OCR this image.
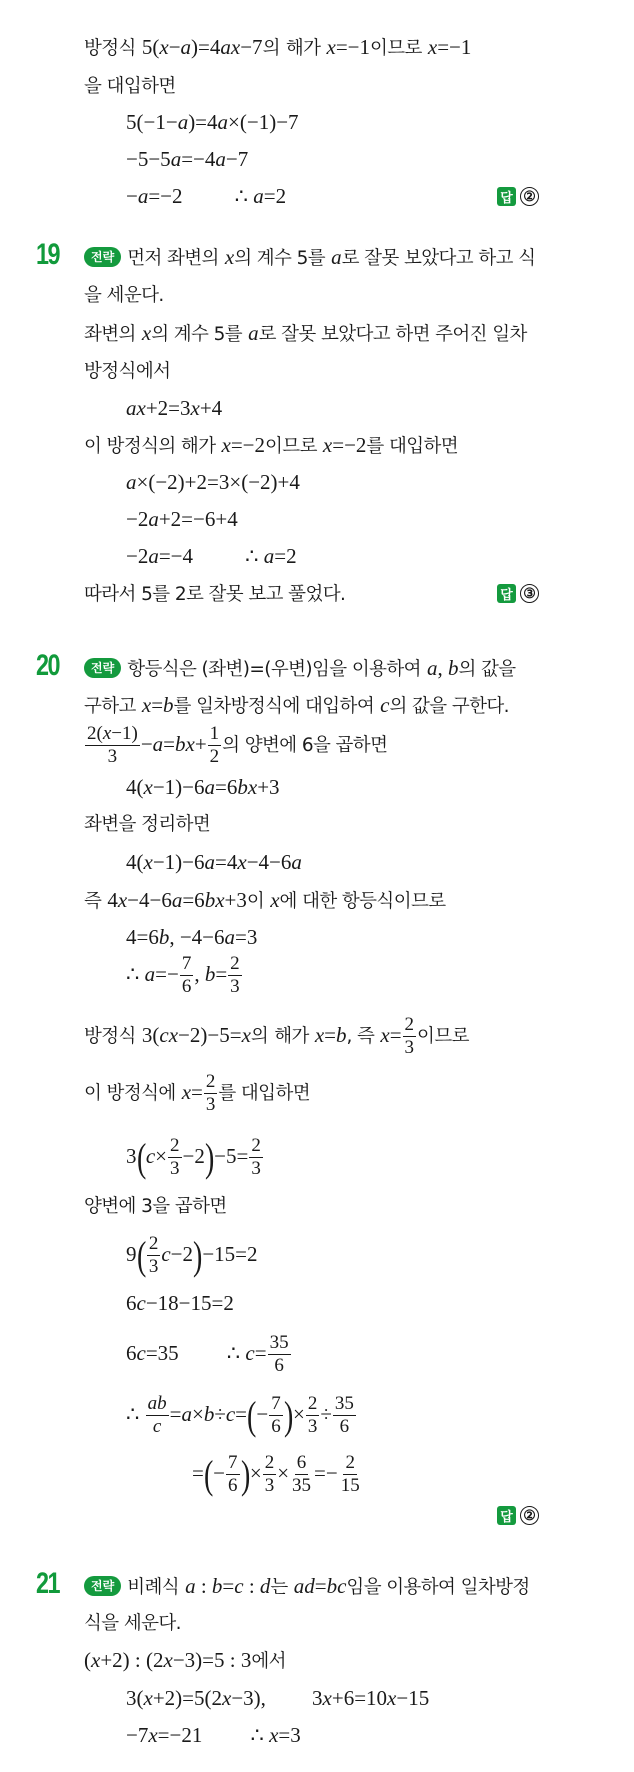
방정식 5(x−a)=4ax−7의 해가 x=−1이므로 x=−1
을 대입하면
5(−1−a)=4a×(−1)−7
−5−5a=−4a−7
−a=−2 ∴ a=2	답 ②
19	전략 먼저 좌변의 x의 계수 5를 a로 잘못 보았다고 하고 식
을 세운다.
좌변의 x의 계수 5를 a로 잘못 보았다고 하면 주어진 일차
방정식에서
ax+2=3x+4
이 방정식의 해가 x=−2이므로 x=−2를 대입하면
a×(−2)+2=3×(−2)+4
−2a+2=−6+4
−2a=−4 ∴ a=2
따라서 5를 2로 잘못 보고 풀었다.	답 ③
20	전략 항등식은 (좌변)=(우변)임을 이용하여 a, b의 값을
구하고 x=b를 일차방정식에 대입하여 c의 값을 구한다.
$\frac{2(x-1)}{3} -a=bx+ \frac{1}{2}$ 의 양변에 6을 곱하면
4(x−1)−6a=6bx+3
좌변을 정리하면
4(x−1)−6a=4x−4−6a
즉 4x−4−6a=6bx+3이 x에 대한 항등식이므로
4=6b, −4−6a=3
∴ $a=- \frac{7}{6}$ , $b= \frac{2}{3}$
방정식 3(cx−2)−5=x의 해가 x=b, 즉 $x= \frac{2}{3}$ 이므로
이 방정식에 $x= \frac{2}{3}$ 를 대입하면
$3(c\times \frac{2}{3} -2)-5= \frac{2}{3}$
양변에 3을 곱하면
$9( \frac{2}{3} c-2)-15=2$
6c−18−15=2
6c=35 ∴ $c= \frac{35}{6}$
∴ $\frac{ab}{c} =a\times b\div c=(- \frac{7}{6}$ )× $\frac{2}{3} \div \frac{35}{6}$
=(− $\frac{7}{6}$ )× $\frac{2}{3} \times \frac{6}{35} =- \frac{2}{15}$
답 ②
21	전략 비례식 a : b=c : d는 ad=bc임을 이용하여 일차방정
식을 세운다.
(x+2) : (2x−3)=5 : 3에서
3(x+2)=5(2x−3), 3x+6=10x−15
−7x=−21 ∴ x=3
